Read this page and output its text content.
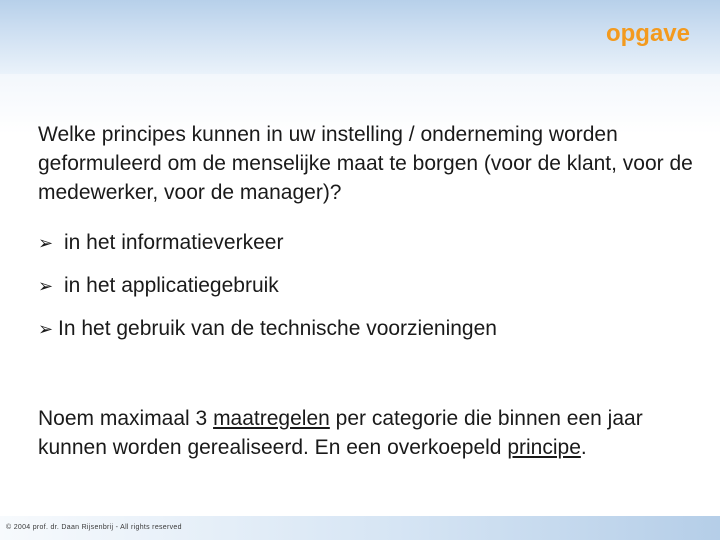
opgave

Welke principes kunnen in uw instelling / onderneming worden geformuleerd om de menselijke maat te borgen (voor de klant, voor de medewerker, voor de manager)?

➢ in het informatieverkeer
➢ in het applicatiegebruik
➢ In het gebruik van de technische voorzieningen

Noem maximaal 3 maatregelen per categorie die binnen een jaar kunnen worden gerealiseerd. En een overkoepeld principe.

© 2004 prof. dr. Daan Rijsenbrij - All rights reserved
